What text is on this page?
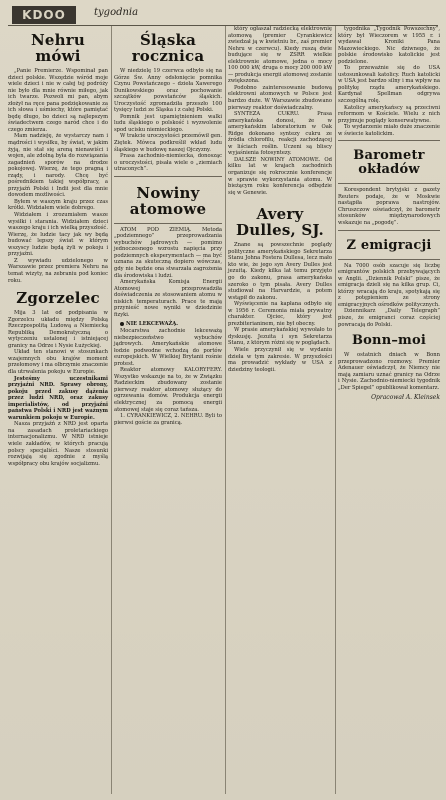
KDOO	tygodnia
Nehru mówi

„Panie Premierze. Wspominał pan dzieci polskie. Wszędzie wśród moje wiele dzieci i nie w całej tej podróży nie było dla mnie równie miłego, jak ich twarze. Pozwoli mi pan, abym złożył na ręce pana podziękowanie za ich słowa i uśmiechy, które pamiętać będę długo, bo dzieci są najlepszym świadectwem czego naród chce i do czego zmierza.

Mam nadzieję, że wystarczy nam i mądrości i wysiłku, by świat, w jakim żyją, nie stał się areną nienawiści i wojen, ale zdolną była do rozwiązania zagadnień sporów na drodze pokojowej. Wierzę, że tego pragną i rządy, i narody. Chcę być pośrednikiem takiej współpracy, a przyjaźń Polski i Indii jest dla mnie dowodem możliwości.

Byłem w waszym kraju przez czas krótki. Widziałem wiele dobrego.

Widziałem i zrozumiałem wasze wysiłki i starania. Widziałem dzieci waszego kraju i ich wielką przyszłość. Wierzę, że ludzie tacy jak wy będą budować lepszy świat w którym wszyscy ludzie będą żyli w pokoju i przyjaźni.

Z wywiadu udzielonego w Warszawie przez premiera Nehru na temat wizyty, na zebraniu pod koniec roku.

Zgorzelec

Mija 3 lat od podpisania w Zgorzelcu układu między Polską Rzeczpospolitą Ludową a Niemiecką Republiką Demokratyczną o wytyczeniu ustalonej i istniejącej granicy na Odrze i Nysie Łużyckiej.

Układ ten stanowi w stosunkach wzajemnych obu krajów moment przełomowy i ma olbrzymie znaczenie dla utrwalenia pokoju w Europie.

Jesteśmy uczestnikami przyjaźni NRD. Sprawy obrony, pokoju przed zakusy dążenia przez ludzi NRD, oraz zakusy imperialistów, od przyjaźni państwa Polski i NRD jest ważnym warunkiem pokoju w Europie.

Nasza przyjaźń z NRD jest oparta na zasadach proletariackiego internacjonalizmu. W NRD istnieje wiele zakładów, w których pracują polscy specjaliści. Nasze stosunki rozwijają się zgodnie z myślą współpracy obu krajów socjalizmu.

Śląska rocznica

W niedzielę 19 czerwca odbyło się na Górze Św. Anny odsłonięcie pomnika Czynu Powstańczego – dzieła Xawerego Dunikowskiego oraz pochowanie szczątków powstańców śląskich. Uroczystość zgromadziła przeszło 100 tysięcy ludzi ze Śląska i z całej Polski.

Pomnik jest upamiętnieniem walki ludu śląskiego o polskość i wyzwolenie spod ucisku niemieckiego.

W trakcie uroczystości przemówił gen. Ziętek. Mówca podkreślił wkład ludu śląskiego w budowę naszej Ojczyzny.

Prasa zachodnio-niemiecka, donosząc o uroczystości, pisała wiele o „ziemiach utraconych”.

Nowiny atomowe

ATOM POD ZIEMIĄ. Metoda „podziemnego” przeprowadzania wybuchów jądrowych — pomimo jednoczesnego wzrostu napięcia przy podziemnych eksperymentach — ma być uznana za skuteczną dopiero wówczas, gdy nie będzie ona stwarzała zagrożenia dla środowiska i ludzi.

Amerykańska Komisja Energii Atomowej przeprowadziła doświadczenia ze stosowaniem atomu w niskich temperaturach. Prace te mają przynieść nowe wyniki w dziedzinie fizyki.

NIE LEKCEWAŻĄ.

Mocarstwa zachodnie lekceważą niebezpieczeństwo wybuchów jądrowych. Amerykańskie atomowe łodzie podwodne wchodzą do portów europejskich. W Wielkiej Brytanii rośnie protest.

Reaktor atomowy KALORYFERY. Wszystko wskazuje na to, że w Związku Radzieckim zbudowany zostanie pierwszy reaktor atomowy służący do ogrzewania domów. Produkcja energii elektrycznej za pomocą energii atomowej staje się coraz tańsza.

1. CYRANKIEWICZ, 2. NEHRU. Byli to pierwsi goście za granicą.

który ogłaszał radziecką elektrownię atomową (premier Cyrankiewicz zwiedzał ją w kwietniu br., zaś premier Nehru w czerwcu). Kiedy ruszą dwie budujące się w ZSRR wielkie elektrownie atomowe, jedna o mocy 100 000 kW, druga o mocy 200 000 kW — produkcja energii atomowej zostanie zwiększona.

Podobno zainteresowanie budową elektrowni atomowych w Polsce jest bardzo duże. W Warszawie zbudowano pierwszy reaktor doświadczalny.

SYNTEZA CUKRU. Prasa amerykańska donosi, że w amerykańskim laboratorium w Oak Ridge dokonano syntezy cukru ze źródła chlorofilu, reakcji zachodzącej w liściach roślin. Uczeni są bliscy wyjaśnienia fotosyntezy.

DALSZE NOWINY ATOMOWE. Od kilku lat w krajach zachodnich organizuje się rokrocznie konferencje w sprawie wykorzystania atomu. W bieżącym roku konferencja odbędzie się w Genewie.

Avery Dulles, SJ.

Znane są powszechnie poglądy polityczne amerykańskiego Sekretarza Stanu Johna Fostera Dullesa, lecz mało kto wie, że jego syn Avery Dulles jest jezuitą. Kiedy kilka lat temu przyjęto go do zakonu, prasa amerykańska szeroko o tym pisała. Avery Dulles studiował na Harvardzie, a potem wstąpił do zakonu.

Wyświęcenie na kapłana odbyło się w 1956 r. Ceremonia miała prywatny charakter. Ojciec, który jest prezbiterianinem, nie był obecny.

W prasie amerykańskiej wywołało to dyskusję. Jezuita i syn Sekretarza Stanu, z którym różni się w poglądach.

Wiele przyczynił się w wydaniu dzieła w tym zakresie. W przyszłości ma prowadzić wykłady w USA z dziedziny teologii.

tygodnika „Tygodnik Powszechny”, który był Wieczorem w 1955 r. i wydawał Kroniki Pana Mazowieckiego. Nic dziwnego, że polskie środowisko katolickie jest podzielone.

To przeważnie się do USA ustosunkowali katolicy. Ruch katolicki w USA jest bardzo silny i ma wpływ na politykę rządu amerykańskiego. Kardynał Spellman odgrywa szczególną rolę.

Katolicy amerykańscy są przeciwni reformom w Kościele. Wielu z nich przyjmuje poglądy konserwatywne.

To wydarzenie miało duże znaczenie w świecie katolickim.

Barometr okładów

Korespondent brytyjski z gazety Reuters podaje, że w Moskwie nastąpiła poprawa nastrojów. Chruszczow oświadczył, że barometr stosunków międzynarodowych wskazuje na „pogodę”.

Z emigracji

Na 7000 osób szacuje się liczbę emigrantów polskich przebywających w Anglii. „Dziennik Polski” pisze, że emigracja dzieli się na kilka grup. Ci, którzy wracają do kraju, spotykają się z potępieniem ze strony emigracyjnych ośrodków politycznych.

Dziennikarz „Daily Telegraph” pisze, że emigranci coraz częściej powracają do Polski.

Bonn–moi

W ostatnich dniach w Bonn przeprowadzono rozmowy. Premier Adenauer oświadczył, że Niemcy nie mają zamiaru uznać granicy na Odrze i Nysie. Zachodnio-niemiecki tygodnik „Der Spiegel” opublikował komentarz.

Opracował A. Kleinsek
